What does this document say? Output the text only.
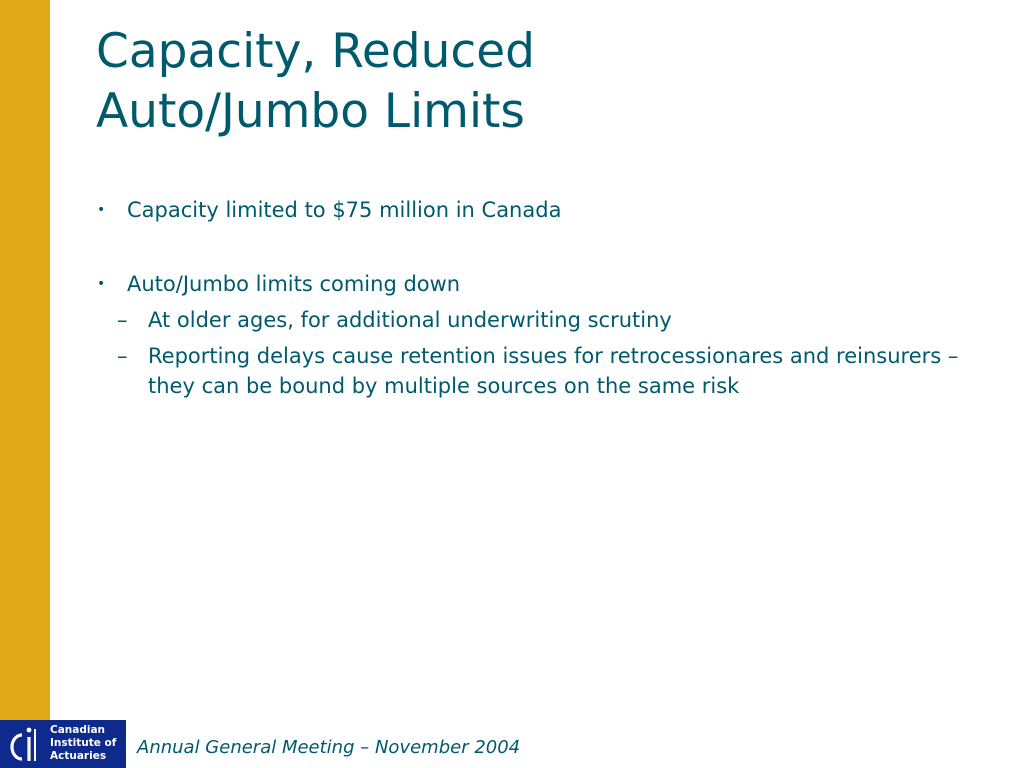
Capacity, Reduced
Auto/Jumbo Limits
• Capacity limited to $75 million in Canada
• Auto/Jumbo limits coming down
– At older ages, for additional underwriting scrutiny
– Reporting delays cause retention issues for retrocessionares and reinsurers – they can be bound by multiple sources on the same risk
Canadian
Institute of
Actuaries	Annual General Meeting – November 2004
